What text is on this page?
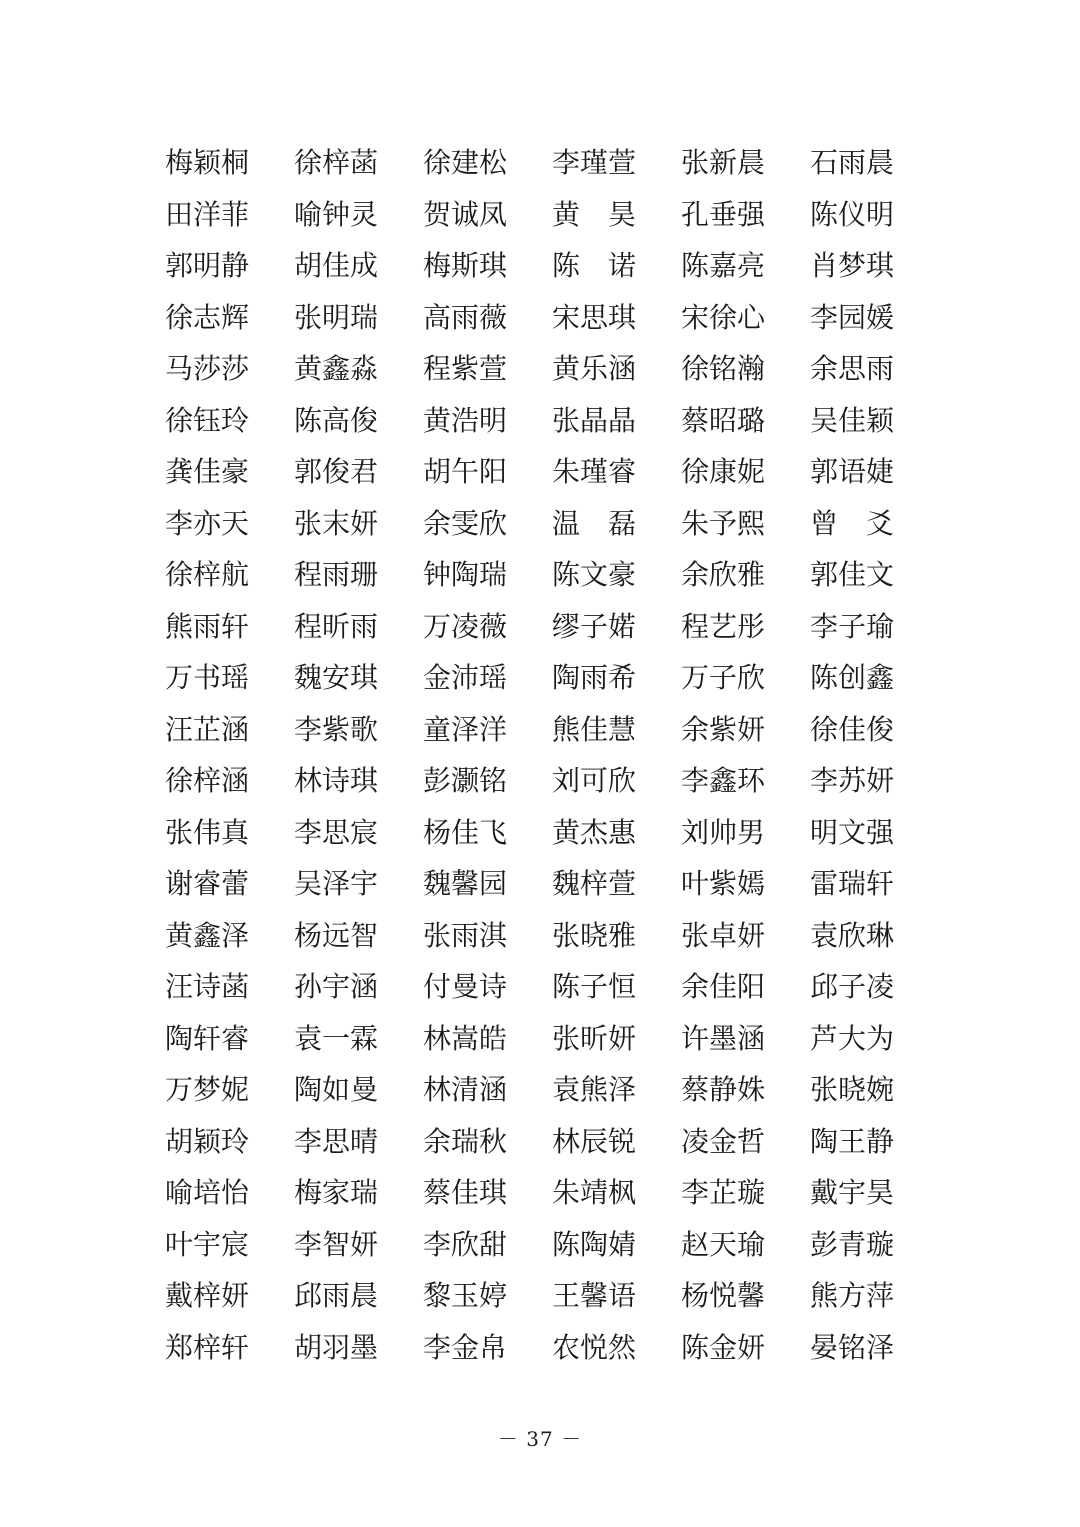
梅颖桐	徐梓菡	徐建松	李瑾萱	张新晨	石雨晨
田洋菲	喻钟灵	贺诚凤	黄　昊	孔垂强	陈仪明
郭明静	胡佳成	梅斯琪	陈　诺	陈嘉亮	肖梦琪
徐志辉	张明瑞	高雨薇	宋思琪	宋徐心	李园媛
马莎莎	黄鑫淼	程紫萱	黄乐涵	徐铭瀚	余思雨
徐钰玲	陈高俊	黄浩明	张晶晶	蔡昭璐	吴佳颖
龚佳豪	郭俊君	胡午阳	朱瑾睿	徐康妮	郭语婕
李亦天	张末妍	余雯欣	温　磊	朱予熙	曾　爻
徐梓航	程雨珊	钟陶瑞	陈文豪	余欣雅	郭佳文
熊雨轩	程昕雨	万凌薇	缪子婼	程艺彤	李子瑜
万书瑶	魏安琪	金沛瑶	陶雨希	万子欣	陈创鑫
汪芷涵	李紫歌	童泽洋	熊佳慧	余紫妍	徐佳俊
徐梓涵	林诗琪	彭灏铭	刘可欣	李鑫环	李苏妍
张伟真	李思宸	杨佳飞	黄杰惠	刘帅男	明文强
谢睿蕾	吴泽宇	魏馨园	魏梓萱	叶紫嫣	雷瑞轩
黄鑫泽	杨远智	张雨淇	张晓雅	张卓妍	袁欣琳
汪诗菡	孙宇涵	付曼诗	陈子恒	余佳阳	邱子凌
陶轩睿	袁一霖	林嵩皓	张昕妍	许墨涵	芦大为
万梦妮	陶如曼	林清涵	袁熊泽	蔡静姝	张晓婉
胡颖玲	李思晴	余瑞秋	林辰锐	凌金哲	陶王静
喻培怡	梅家瑞	蔡佳琪	朱靖枫	李芷璇	戴宇昊
叶宇宸	李智妍	李欣甜	陈陶婧	赵天瑜	彭青璇
戴梓妍	邱雨晨	黎玉婷	王馨语	杨悦馨	熊方萍
郑梓轩	胡羽墨	李金帛	农悦然	陈金妍	晏铭泽
－ 37 －
